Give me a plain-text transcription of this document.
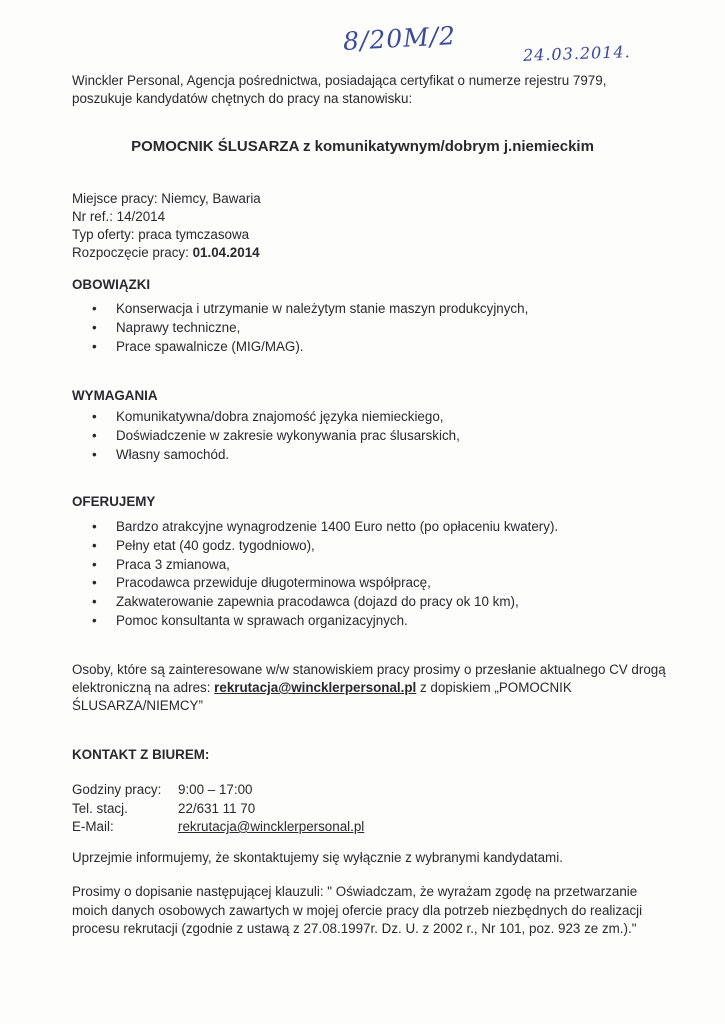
8/20M/2	24.03.2014.
Winckler Personal, Agencja pośrednictwa, posiadająca certyfikat o numerze rejestru 7979, poszukuje kandydatów chętnych do pracy na stanowisku:
POMOCNIK ŚLUSARZA z komunikatywnym/dobrym j.niemieckim
Miejsce pracy: Niemcy, Bawaria
Nr ref.: 14/2014
Typ oferty: praca tymczasowa
Rozpoczęcie pracy: 01.04.2014
OBOWIĄZKI
• Konserwacja i utrzymanie w należytym stanie maszyn produkcyjnych,
• Naprawy techniczne,
• Prace spawalnicze (MIG/MAG).
WYMAGANIA
• Komunikatywna/dobra znajomość języka niemieckiego,
• Doświadczenie w zakresie wykonywania prac ślusarskich,
• Własny samochód.
OFERUJEMY
• Bardzo atrakcyjne wynagrodzenie 1400 Euro netto (po opłaceniu kwatery).
• Pełny etat (40 godz. tygodniowo),
• Praca 3 zmianowa,
• Pracodawca przewiduje długoterminowa współpracę,
• Zakwaterowanie zapewnia pracodawca (dojazd do pracy ok 10 km),
• Pomoc konsultanta w sprawach organizacyjnych.
Osoby, które są zainteresowane w/w stanowiskiem pracy prosimy o przesłanie aktualnego CV drogą elektroniczną na adres: rekrutacja@wincklerpersonal.pl z dopiskiem „POMOCNIK ŚLUSARZA/NIEMCY”
KONTAKT Z BIUREM:
Godziny pracy:	9:00 – 17:00
Tel. stacj.	22/631 11 70
E-Mail:	rekrutacja@wincklerpersonal.pl
Uprzejmie informujemy, że skontaktujemy się wyłącznie z wybranymi kandydatami.
Prosimy o dopisanie następującej klauzuli: " Oświadczam, że wyrażam zgodę na przetwarzanie moich danych osobowych zawartych w mojej ofercie pracy dla potrzeb niezbędnych do realizacji procesu rekrutacji (zgodnie z ustawą z 27.08.1997r. Dz. U. z 2002 r., Nr 101, poz. 923 ze zm.)."
